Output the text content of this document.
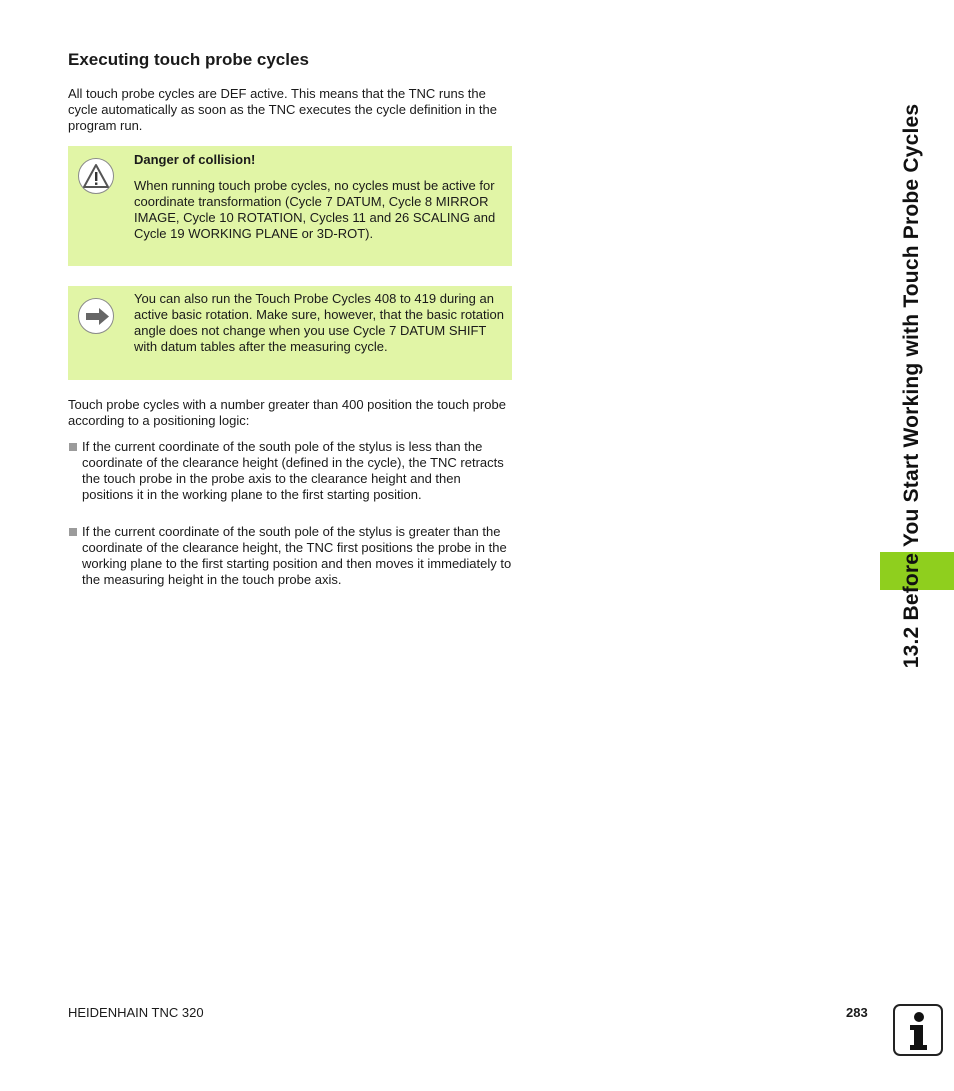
Executing touch probe cycles

All touch probe cycles are DEF active. This means that the TNC runs the cycle automatically as soon as the TNC executes the cycle definition in the program run.

Danger of collision!

When running touch probe cycles, no cycles must be active for coordinate transformation (Cycle 7 DATUM, Cycle 8 MIRROR IMAGE, Cycle 10 ROTATION, Cycles 11 and 26 SCALING and Cycle 19 WORKING PLANE or 3D-ROT).

You can also run the Touch Probe Cycles 408 to 419 during an active basic rotation. Make sure, however, that the basic rotation angle does not change when you use Cycle 7 DATUM SHIFT with datum tables after the measuring cycle.

Touch probe cycles with a number greater than 400 position the touch probe according to a positioning logic:

If the current coordinate of the south pole of the stylus is less than the coordinate of the clearance height (defined in the cycle), the TNC retracts the touch probe in the probe axis to the clearance height and then positions it in the working plane to the first starting position.
If the current coordinate of the south pole of the stylus is greater than the coordinate of the clearance height, the TNC first positions the probe in the working plane to the first starting position and then moves it immediately to the measuring height in the touch probe axis.	13.2 Before You Start Working with Touch Probe Cycles
HEIDENHAIN TNC 320	283
